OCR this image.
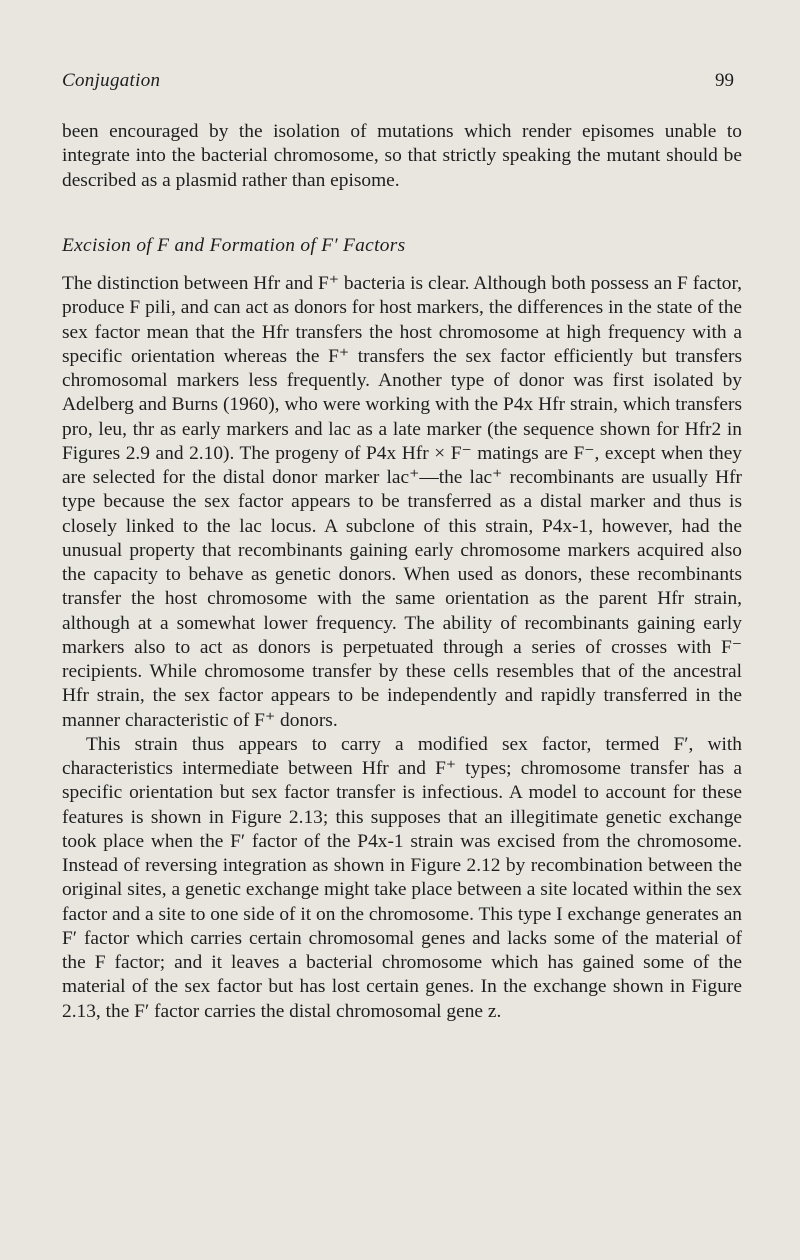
Conjugation	99

been encouraged by the isolation of mutations which render episomes unable to integrate into the bacterial chromosome, so that strictly speaking the mutant should be described as a plasmid rather than episome.

Excision of F and Formation of F′ Factors

The distinction between Hfr and F⁺ bacteria is clear. Although both possess an F factor, produce F pili, and can act as donors for host markers, the differences in the state of the sex factor mean that the Hfr transfers the host chromosome at high frequency with a specific orientation whereas the F⁺ transfers the sex factor efficiently but transfers chromosomal markers less frequently. Another type of donor was first isolated by Adelberg and Burns (1960), who were working with the P4x Hfr strain, which transfers pro, leu, thr as early markers and lac as a late marker (the sequence shown for Hfr2 in Figures 2.9 and 2.10). The progeny of P4x Hfr × F⁻ matings are F⁻, except when they are selected for the distal donor marker lac⁺—the lac⁺ recombinants are usually Hfr type because the sex factor appears to be transferred as a distal marker and thus is closely linked to the lac locus. A subclone of this strain, P4x-1, however, had the unusual property that recombinants gaining early chromosome markers acquired also the capacity to behave as genetic donors. When used as donors, these recombinants transfer the host chromosome with the same orientation as the parent Hfr strain, although at a somewhat lower frequency. The ability of recombinants gaining early markers also to act as donors is perpetuated through a series of crosses with F⁻ recipients. While chromosome transfer by these cells resembles that of the ancestral Hfr strain, the sex factor appears to be independently and rapidly transferred in the manner characteristic of F⁺ donors.

This strain thus appears to carry a modified sex factor, termed F′, with characteristics intermediate between Hfr and F⁺ types; chromosome transfer has a specific orientation but sex factor transfer is infectious. A model to account for these features is shown in Figure 2.13; this supposes that an illegitimate genetic exchange took place when the F′ factor of the P4x-1 strain was excised from the chromosome. Instead of reversing integration as shown in Figure 2.12 by recombination between the original sites, a genetic exchange might take place between a site located within the sex factor and a site to one side of it on the chromosome. This type I exchange generates an F′ factor which carries certain chromosomal genes and lacks some of the material of the F factor; and it leaves a bacterial chromosome which has gained some of the material of the sex factor but has lost certain genes. In the exchange shown in Figure 2.13, the F′ factor carries the distal chromosomal gene z.
